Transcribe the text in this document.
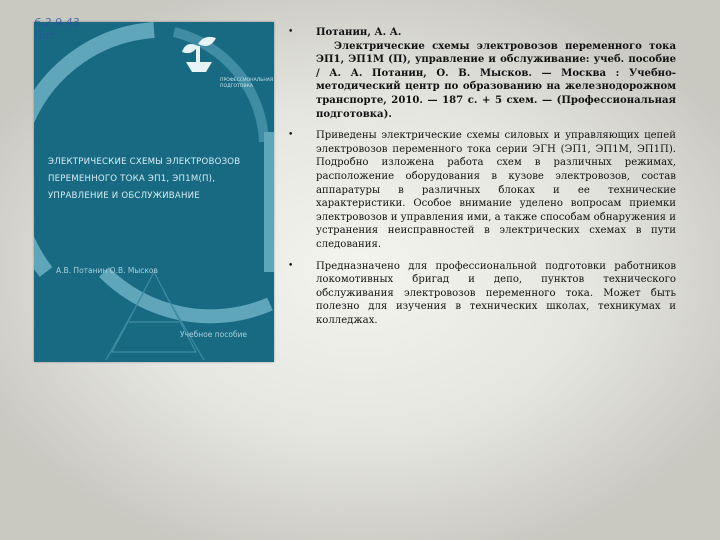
ПРОФЕССИОНАЛЬНАЯ
ПОДГОТОВКА
ЭЛЕКТРИЧЕСКИЕ СХЕМЫ ЭЛЕКТРОВОЗОВ
ПЕРЕМЕННОГО ТОКА ЭП1, ЭП1М(П),
УПРАВЛЕНИЕ И ОБСЛУЖИВАНИЕ
А.В. Потанин О.В. Мысков
Учебное пособие
6.2 9.43
Пот	• Потанин, А. А.
Электрические схемы электровозов переменного тока ЭП1, ЭП1М (П), управление и обслуживание: учеб. пособие / А. А. Потанин, О. В. Мысков. — Москва : Учебно-методический центр по образованию на железнодорожном транспорте, 2010. — 187 с. + 5 схем. — (Профессиональная подготовка).
• Приведены электрические схемы силовых и управляющих цепей электровозов переменного тока серии ЭГН (ЭП1, ЭП1М, ЭП1П). Подробно изложена работа схем в различных режимах, расположение оборудования в кузове электровозов, состав аппаратуры в различных блоках и ее технические характеристики. Особое внимание уделено вопросам приемки электровозов и управления ими, а также способам обнаружения и устранения неисправностей в электрических схемах в пути следования.
• Предназначено для профессиональной подготовки работников локомотивных бригад и депо, пунктов технического обслуживания электровозов переменного тока. Может быть полезно для изучения в технических школах, техникумах и колледжах.
